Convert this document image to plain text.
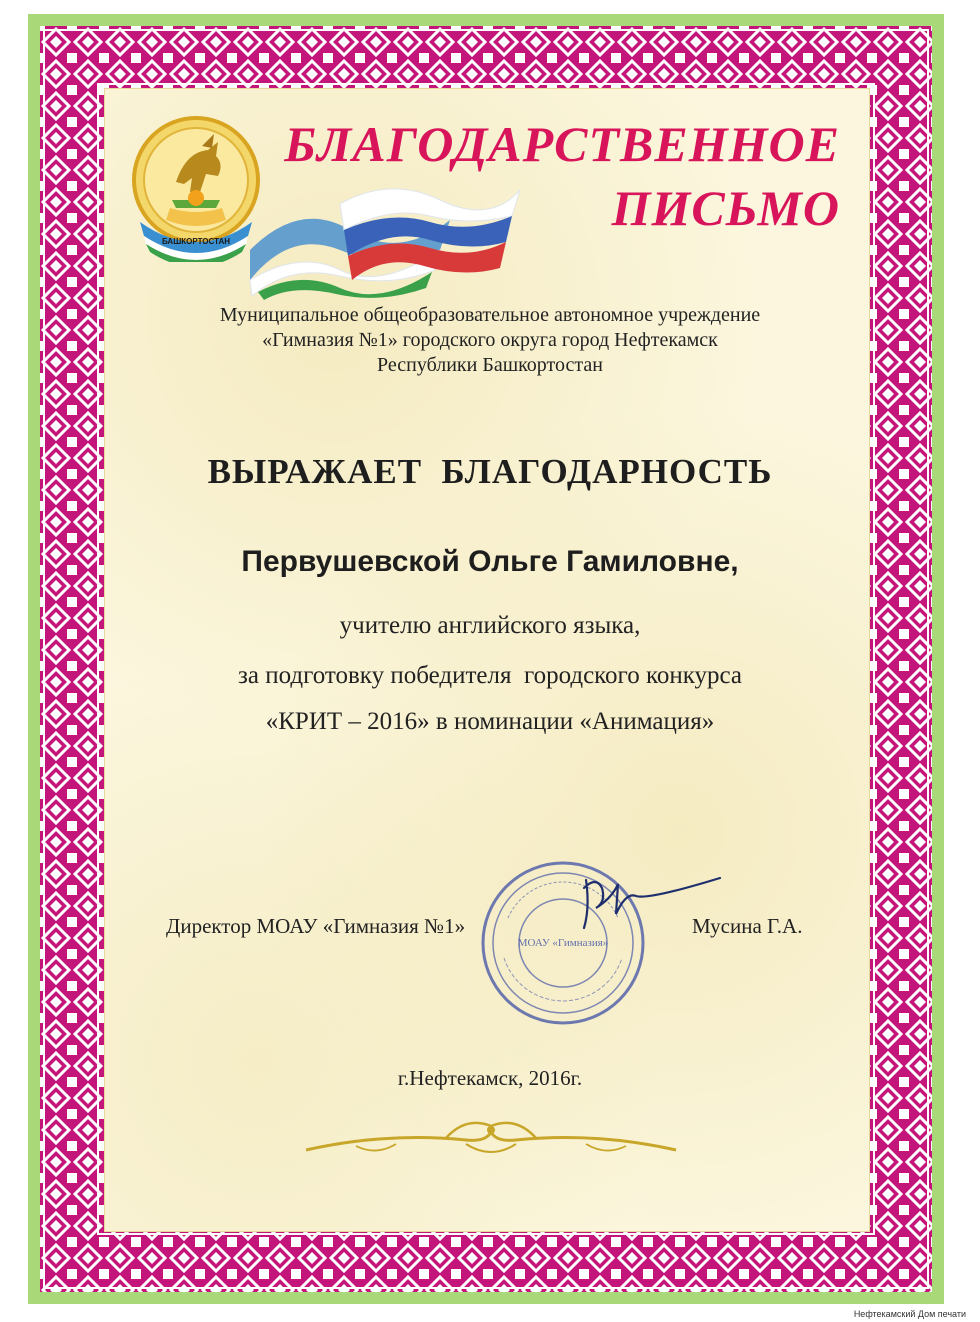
БАШКОРТОСТАН
БЛАГОДАРСТВЕННОЕ
ПИСЬМО
Муниципальное общеобразовательное автономное учреждение
«Гимназия №1» городского округа город Нефтекамск
Республики Башкортостан
ВЫРАЖАЕТ  БЛАГОДАРНОСТЬ
Первушевской Ольге Гамиловне,
учителю английского языка,
за подготовку победителя  городского конкурса
«КРИТ – 2016» в номинации «Анимация»
МОАУ «Гимназия»
Директор МОАУ «Гимназия №1»	Мусина Г.А.
г.Нефтекамск, 2016г.
Нефтекамский Дом печати
